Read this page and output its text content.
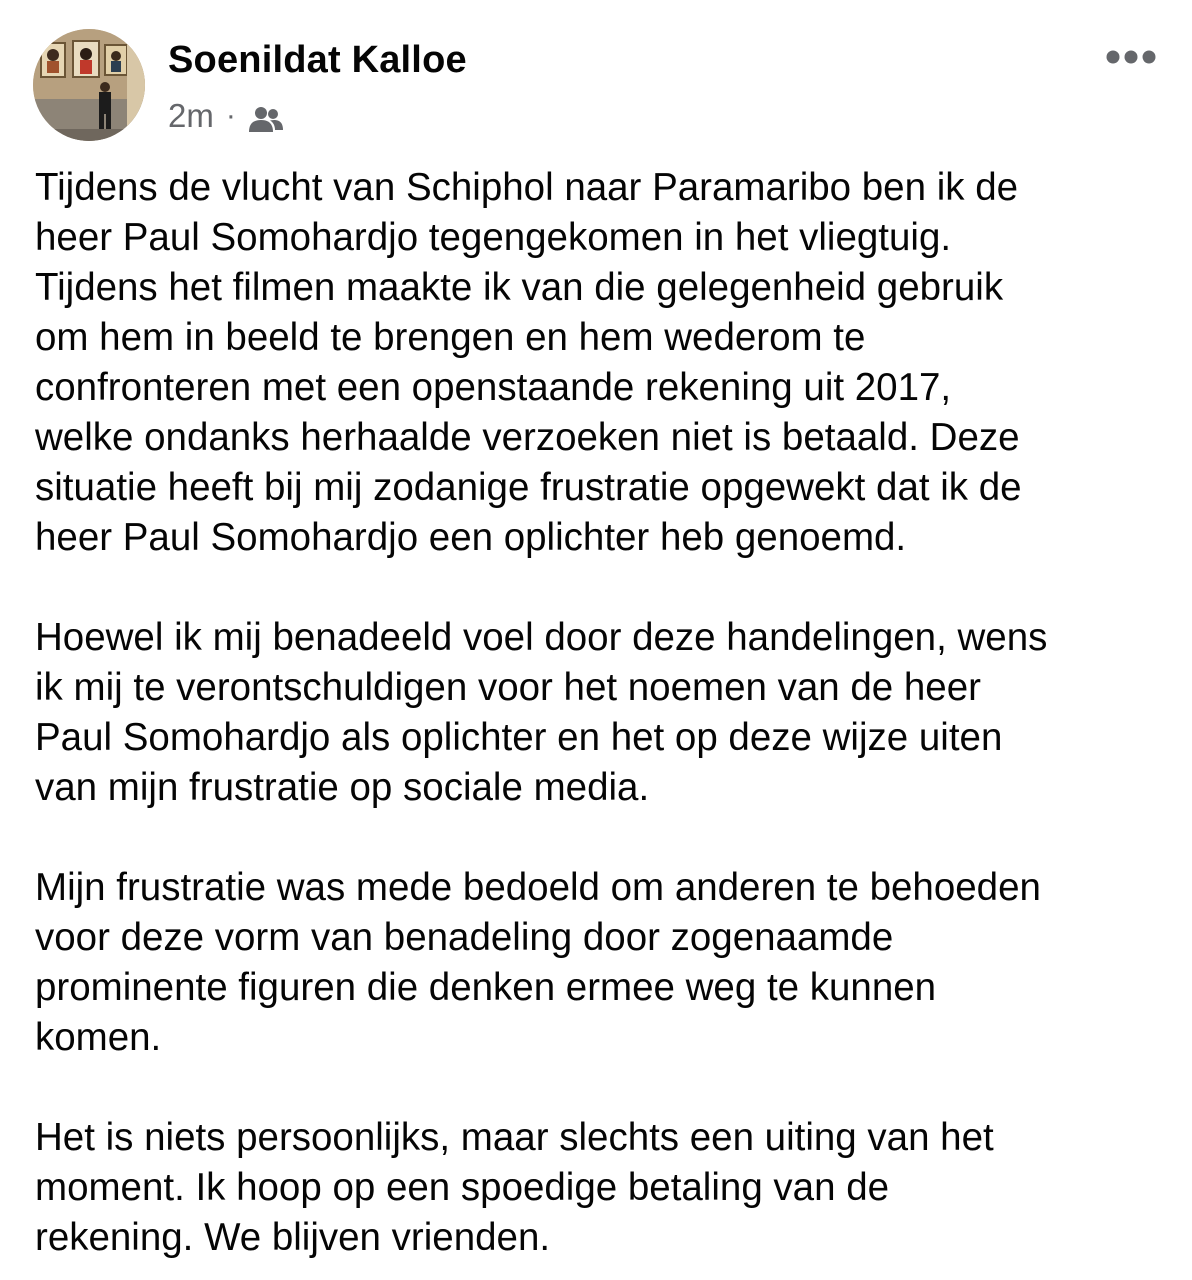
Soenildat Kalloe
2m ·

Tijdens de vlucht van Schiphol naar Paramaribo ben ik de
heer Paul Somohardjo tegengekomen in het vliegtuig.
Tijdens het filmen maakte ik van die gelegenheid gebruik
om hem in beeld te brengen en hem wederom te
confronteren met een openstaande rekening uit 2017,
welke ondanks herhaalde verzoeken niet is betaald. Deze
situatie heeft bij mij zodanige frustratie opgewekt dat ik de
heer Paul Somohardjo een oplichter heb genoemd.

Hoewel ik mij benadeeld voel door deze handelingen, wens
ik mij te verontschuldigen voor het noemen van de heer
Paul Somohardjo als oplichter en het op deze wijze uiten
van mijn frustratie op sociale media.

Mijn frustratie was mede bedoeld om anderen te behoeden
voor deze vorm van benadeling door zogenaamde
prominente figuren die denken ermee weg te kunnen
komen.

Het is niets persoonlijks, maar slechts een uiting van het
moment. Ik hoop op een spoedige betaling van de
rekening. We blijven vrienden.
